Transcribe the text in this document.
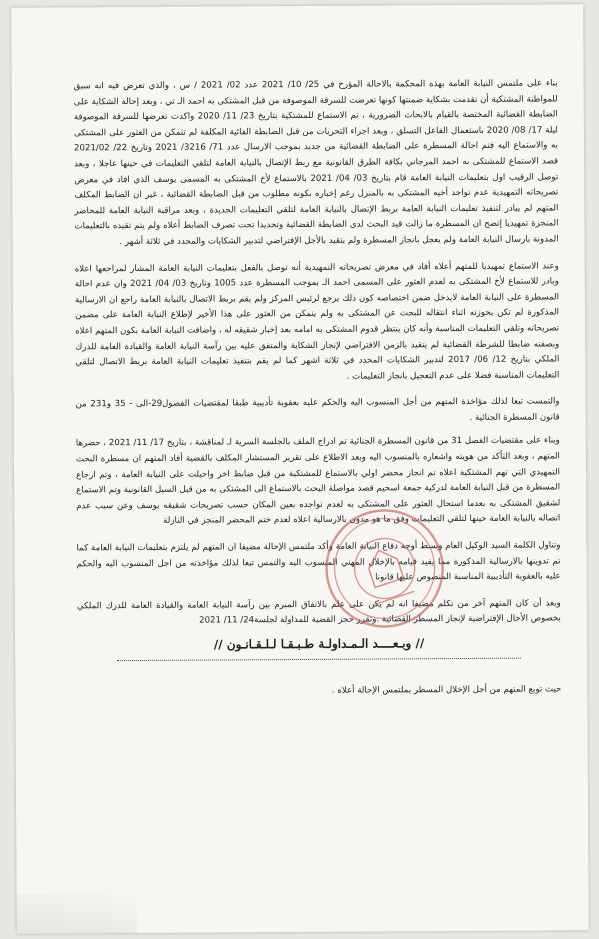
بناء على ملتمس النيابة العامة بهذه المحكمة بالاحالة المؤرخ في 25/ 10/ 2021 عدد 02/ 2021 / س ، والذي تعرض فيه انه سبق للمواطنة المشتكية أن تقدمت بشكاية ضمنتها كونها تعرضت للسرقة الموصوفة من قبل المشتكى به احمد الـ تي ، وبعد إحالة الشكاية على الضابطة القضائية المختصة بالقيام بالابحاث الضرورية ، تم الاستماع للمشتكية بتاريخ 23/ 11/ 2020 واكدت تعرضها للسرقة الموصوفة ليلة 17/ 08/ 2020 باستعمال الفاعل التسلق ، وبعد اجراء التحريات من قبل الضابطة الفائية المكلفة لم تتمكن من العثور على المشتكى به والاستماع اليه فتم احالة المسطرة على الضابطة القضائية من جديد بموجب الارسال عدد 71/ 3216/ 2021 وتاريخ 22/ 2021/02 قصد الاستماع للمشتكى به احمد المرجاني بكافة الطرق القانونية مع ربط الإتصال بالنيابة العامة لتلقي التعليمات في حينها عاجلا ، وبعد توصل الرقيب اول بتعليمات النيابة العامة قام بتاريخ 03/ 04/ 2021 بالاستماع لأخ المشتكى به المسمى يوسف الذي افاد في معرض تصريحاته التمهيدية عدم تواجد أخيه المشتكى به بالمنزل رغم إخباره بكونه مطلوب من قبل الضابطة القضائية ، غير ان الضابط المكلف المتهم لم يبادر لتنفيذ تعليمات النيابة العامة بربط الإتصال بالنيابة العامة لتلقي التعليمات الجديدة ، وبعد مراقبة النيابة العامة للمحاضر المنجزة تمهيديا إتضح ان المسطرة ما زالت قيد البحث لدى الضابطة القضائية وتحديدا تحت تصرف الضابط أعلاه ولم يتم تقيده بالتعليمات المدونة بارسال النيابة العامة ولم يعجل بانجاز المسطرة ولم يتقيد بالأجل الإفتراضي لتدبير الشكايات والمحدد في ثلاثة أشهر .

وعند الاستماع تمهيديا للمتهم أعلاه أفاد في معرض تصريحاته التمهيدية أنه توصل بالفعل بتعليمات النيابة العامة المشار لمراجعها اعلاه وبادر للاستماع لأخ المشتكى به لعدم العثور على المسمى احمد الـ بموجب المسطرة عدد 1005 وتاريخ 03/ 04/ 2021 وان عدم احالة المسطرة على النيابة العامة لايدخل ضمن اختصاصه كون ذلك يرجع لرئيس المركز ولم يقم بربط الاتصال بالنيابة العامة راجع ان الارسالية المذكورة لم تكن بحوزته اثناء انتقاله للبحث عن المشتكى به ولم يتمكن من العثور على هذا الأخير لإطلاع النيابة العامة على مضمن تصريحاته وتلقي التعليمات المناسبة وأنه كان ينتظر قدوم المشتكى به امامه بعد إخبار شقيقه له ، واضافت النيابة العامة بكون المتهم اعلاه وبصفته ضابطا للشرطة القضائية لم يتقيد بالزمن الافتراضي لإنجاز الشكاية والمتفق عليه بين رآسة النيابة العامة والقيادة العامة للدرك الملكي بتاريخ 12/ 06/ 2017 لتدبير الشكايات المحدد في ثلاثة اشهر كما لم يقم بتنفيذ تعليمات النيابة العامة بربط الاتصال لتلقي التعليمات المناسبة فضلا على عدم التعجيل بانجاز التعليمات .

والتمست تبعا لذلك مؤاخذة المتهم من أجل المنسوب اليه والحكم عليه بعقوبة تأديبية طبقا لمقتضيات الفصول29-الى - 35 و231 من قانون المسطرة الجنائية .

وبناء على مقتضيات الفصل 31 من قانون المسطرة الجنائية تم ادراج الملف بالجلسة السرية لـ لمناقشة ، بتاريخ 17/ 11/ 2021 ، حضرها المتهم ، وبعد التأكد من هويته واشعاره بالمنسوب اليه وبعد الاطلاع على تقرير المستشار المكلف بالقضية أفاد المتهم ان مسطرة البحث التمهيدي التي تهم المشتكية اعلاه تم انجاز محضر اولي بالاستماع للمشتكية من قبل ضابط اخر واحيلت على النيابة العامة ، وتم ارجاع المسطرة من قبل النيابة العامة لدركية جمعة اسحيم قصد مواصلة البحث بالاستماع الى المشتكى به من قبل السيل القانونية وتم الاستماع لشقيق المشتكى به بعدما استحال العثور على المشتكى به لعدم تواجده بعين المكان حسب تصريحات شقيقه يوسف وعن سبب عدم اتصاله بالنيابة العامة حينها لتلقي التعليمات وفق ما هو مدون بالارسالية اعلاه لعدم ختم المحضر المنجز في النازلة

وتناول الكلمة السيد الوكيل العام وبسط أوجه دفاع النيابة العامة وأكد ملتمس الإحالة مضيفا ان المتهم لم يلتزم بتعليمات النيابة العامة كما تم تدوينها بالارسالية المذكورة مما يفيد قيامه بالإخلال المهني المنسوب اليه والتمس تبعا لذلك مؤاخذته من اجل المنسوب اليه والحكم عليه بالعقوبة التأديبية المناسبة المنصوص عليها قانونا

وبعد أن كان المتهم آخر من تكلم مضيفا انه لم يكن على علم بالاتفاق المبرم بين رآسة النيابة العامة والقيادة العامة للدرك الملكي بخصوص الأجال الإفتراضية لإنجاز المسطر القضائية .وتقرر حجز القضية للمداولة لجلسة24/ 11/ 2021

// وبـعــــد الـمـداولـة طـبـقـا لـلـقـانـون //

حيث توبع المتهم من أجل الإخلال المسطر بملتمس الإحالة أعلاه .
